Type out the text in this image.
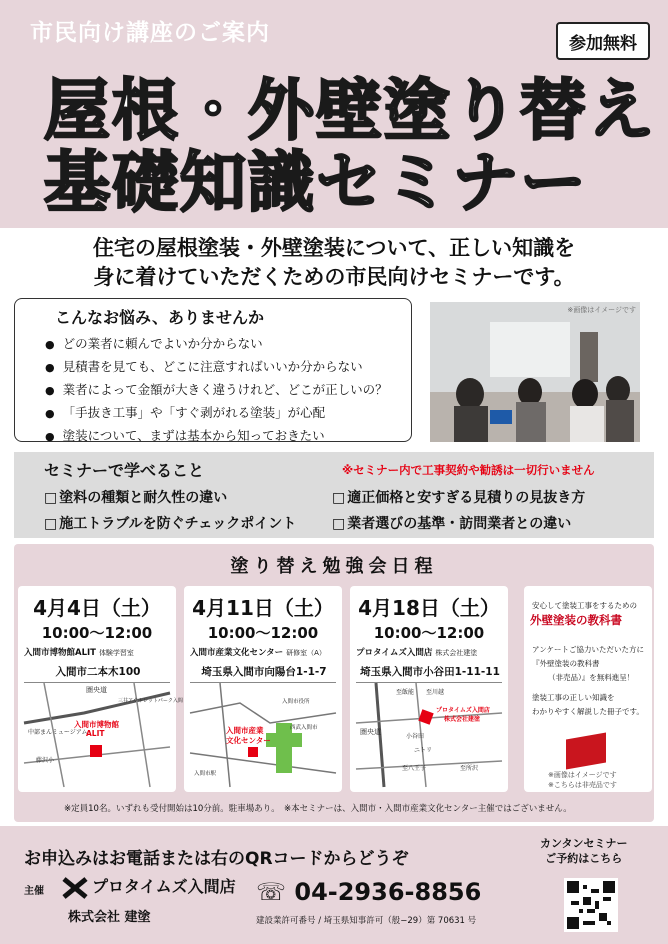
市民向け講座のご案内	参加無料
屋根・外壁塗り替え
基礎知識セミナー
住宅の屋根塗装・外壁塗装について、正しい知識を
身に着けていただくための市民向けセミナーです。
こんなお悩み、ありませんか
● どの業者に頼んでよいか分からない
● 見積書を見ても、どこに注意すればいいか分からない
● 業者によって金額が大きく違うけれど、どこが正しいの？
● 「手抜き工事」や「すぐ剥がれる塗装」が心配
● 塗装について、まずは基本から知っておきたい
※画像はイメージです
セミナーで学べること	※セミナー内で工事契約や勧誘は一切行いません
□ 塗料の種類と耐久性の違い	□ 適正価格と安すぎる見積りの見抜き方
□ 施工トラブルを防ぐチェックポイント	□ 業者選びの基準・訪問業者との違い
塗り替え勉強会日程
4月4日（土）
10:00〜12:00
入間市博物館ALIT 体験学習室
入間市二本木100
圏央道
三井アウトレットパーク入間
中部まんミュージアム
藤沢小
入間市博物館
ALIT
4月11日（土）
10:00〜12:00
入間市産業文化センター 研修室（A）
埼玉県入間市向陽台1-1-7
入間市役所
西武入間市
入間市産業
文化センター
入間市駅
4月18日（土）
10:00〜12:00
プロタイムズ入間店 株式会社建塗
埼玉県入間市小谷田1-11-11
圏央道
至飯能 至川越
プロタイムズ入間店
株式会社建塗
小谷田
ニトリ
至八王子	至所沢
安心して塗装工事をするための
外壁塗装の教科書
アンケートご協力いただいた方に
『外壁塗装の教科書
（非売品）』を無料進呈！
塗装工事の正しい知識を
わかりやすく解説した冊子です。
※画像はイメージです
※こちらは非売品です
※定員10名。いずれも受付開始は10分前。駐車場あり。　※本セミナーは、入間市・入間市産業文化センター主催ではございません。
お申込みはお電話または右のQRコードからどうぞ
カンタンセミナー
ご予約はこちら
主催	プロタイムズ入間店
株式会社 建塗
☏ 04-2936-8856
建設業許可番号 / 埼玉県知事許可（般−29）第 70631 号
